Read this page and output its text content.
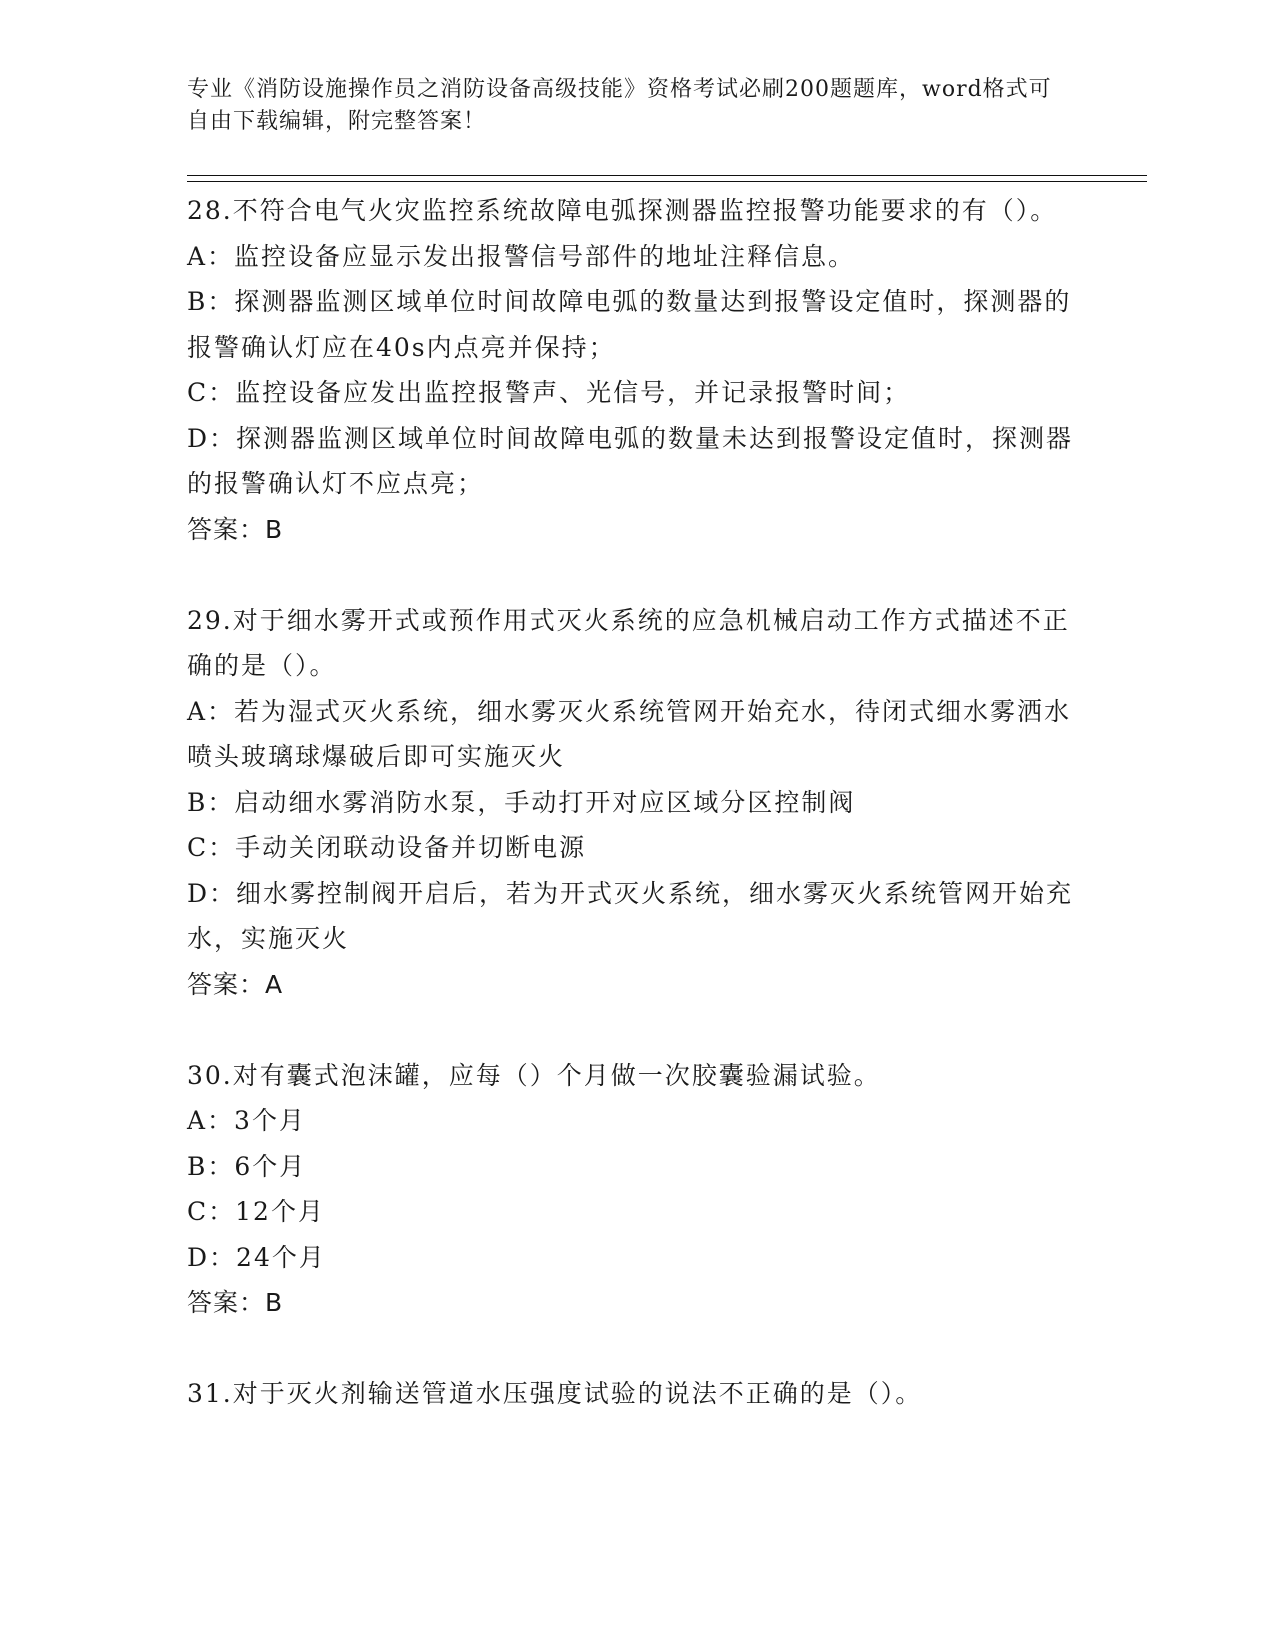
专业《消防设施操作员之消防设备高级技能》资格考试必刷200题题库，word格式可自由下载编辑，附完整答案！

28.不符合电气火灾监控系统故障电弧探测器监控报警功能要求的有（）。

A：监控设备应显示发出报警信号部件的地址注释信息。

B：探测器监测区域单位时间故障电弧的数量达到报警设定值时，探测器的报警确认灯应在40s内点亮并保持；

C：监控设备应发出监控报警声、光信号，并记录报警时间；

D：探测器监测区域单位时间故障电弧的数量未达到报警设定值时，探测器的报警确认灯不应点亮；

答案：B

29.对于细水雾开式或预作用式灭火系统的应急机械启动工作方式描述不正确的是（）。

A：若为湿式灭火系统，细水雾灭火系统管网开始充水，待闭式细水雾洒水喷头玻璃球爆破后即可实施灭火

B：启动细水雾消防水泵，手动打开对应区域分区控制阀

C：手动关闭联动设备并切断电源

D：细水雾控制阀开启后，若为开式灭火系统，细水雾灭火系统管网开始充水，实施灭火

答案：A

30.对有囊式泡沫罐，应每（）个月做一次胶囊验漏试验。

A：3个月

B：6个月

C：12个月

D：24个月

答案：B

31.对于灭火剂输送管道水压强度试验的说法不正确的是（）。
